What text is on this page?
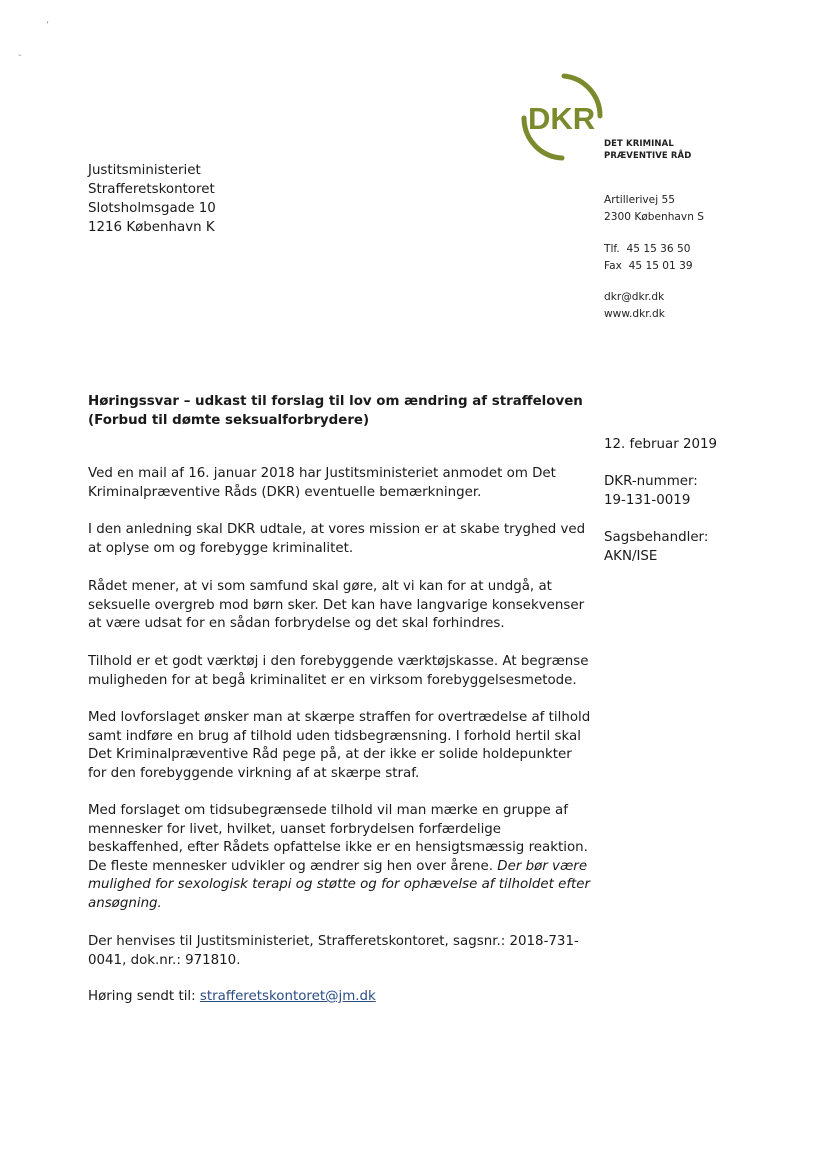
‘
-
DKR
DET KRIMINAL
PRÆVENTIVE RÅD
Justitsministeriet
Strafferetskontoret
Slotsholmsgade 10
1216 København K
Artillerivej 55
2300 København S
Tlf.  45 15 36 50
Fax  45 15 01 39
dkr@dkr.dk
www.dkr.dk
Høringssvar – udkast til forslag til lov om ændring af straffeloven
(Forbud til dømte seksualforbrydere)
12. februar 2019
DKR-nummer:
19-131-0019
Sagsbehandler:
AKN/ISE

Ved en mail af 16. januar 2018 har Justitsministeriet anmodet om Det
Kriminalpræventive Råds (DKR) eventuelle bemærkninger.

I den anledning skal DKR udtale, at vores mission er at skabe tryghed ved
at oplyse om og forebygge kriminalitet.

Rådet mener, at vi som samfund skal gøre, alt vi kan for at undgå, at
seksuelle overgreb mod børn sker. Det kan have langvarige konsekvenser
at være udsat for en sådan forbrydelse og det skal forhindres.

Tilhold er et godt værktøj i den forebyggende værktøjskasse. At begrænse
muligheden for at begå kriminalitet er en virksom forebyggelsesmetode.

Med lovforslaget ønsker man at skærpe straffen for overtrædelse af tilhold
samt indføre en brug af tilhold uden tidsbegrænsning. I forhold hertil skal
Det Kriminalpræventive Råd pege på, at der ikke er solide holdepunkter
for den forebyggende virkning af at skærpe straf.

Med forslaget om tidsubegrænsede tilhold vil man mærke en gruppe af
mennesker for livet, hvilket, uanset forbrydelsen forfærdelige
beskaffenhed, efter Rådets opfattelse ikke er en hensigtsmæssig reaktion.
De fleste mennesker udvikler og ændrer sig hen over årene. Der bør være
mulighed for sexologisk terapi og støtte og for ophævelse af tilholdet efter
ansøgning.

Der henvises til Justitsministeriet, Strafferetskontoret, sagsnr.: 2018-731-
0041, dok.nr.: 971810.

Høring sendt til: strafferetskontoret@jm.dk
